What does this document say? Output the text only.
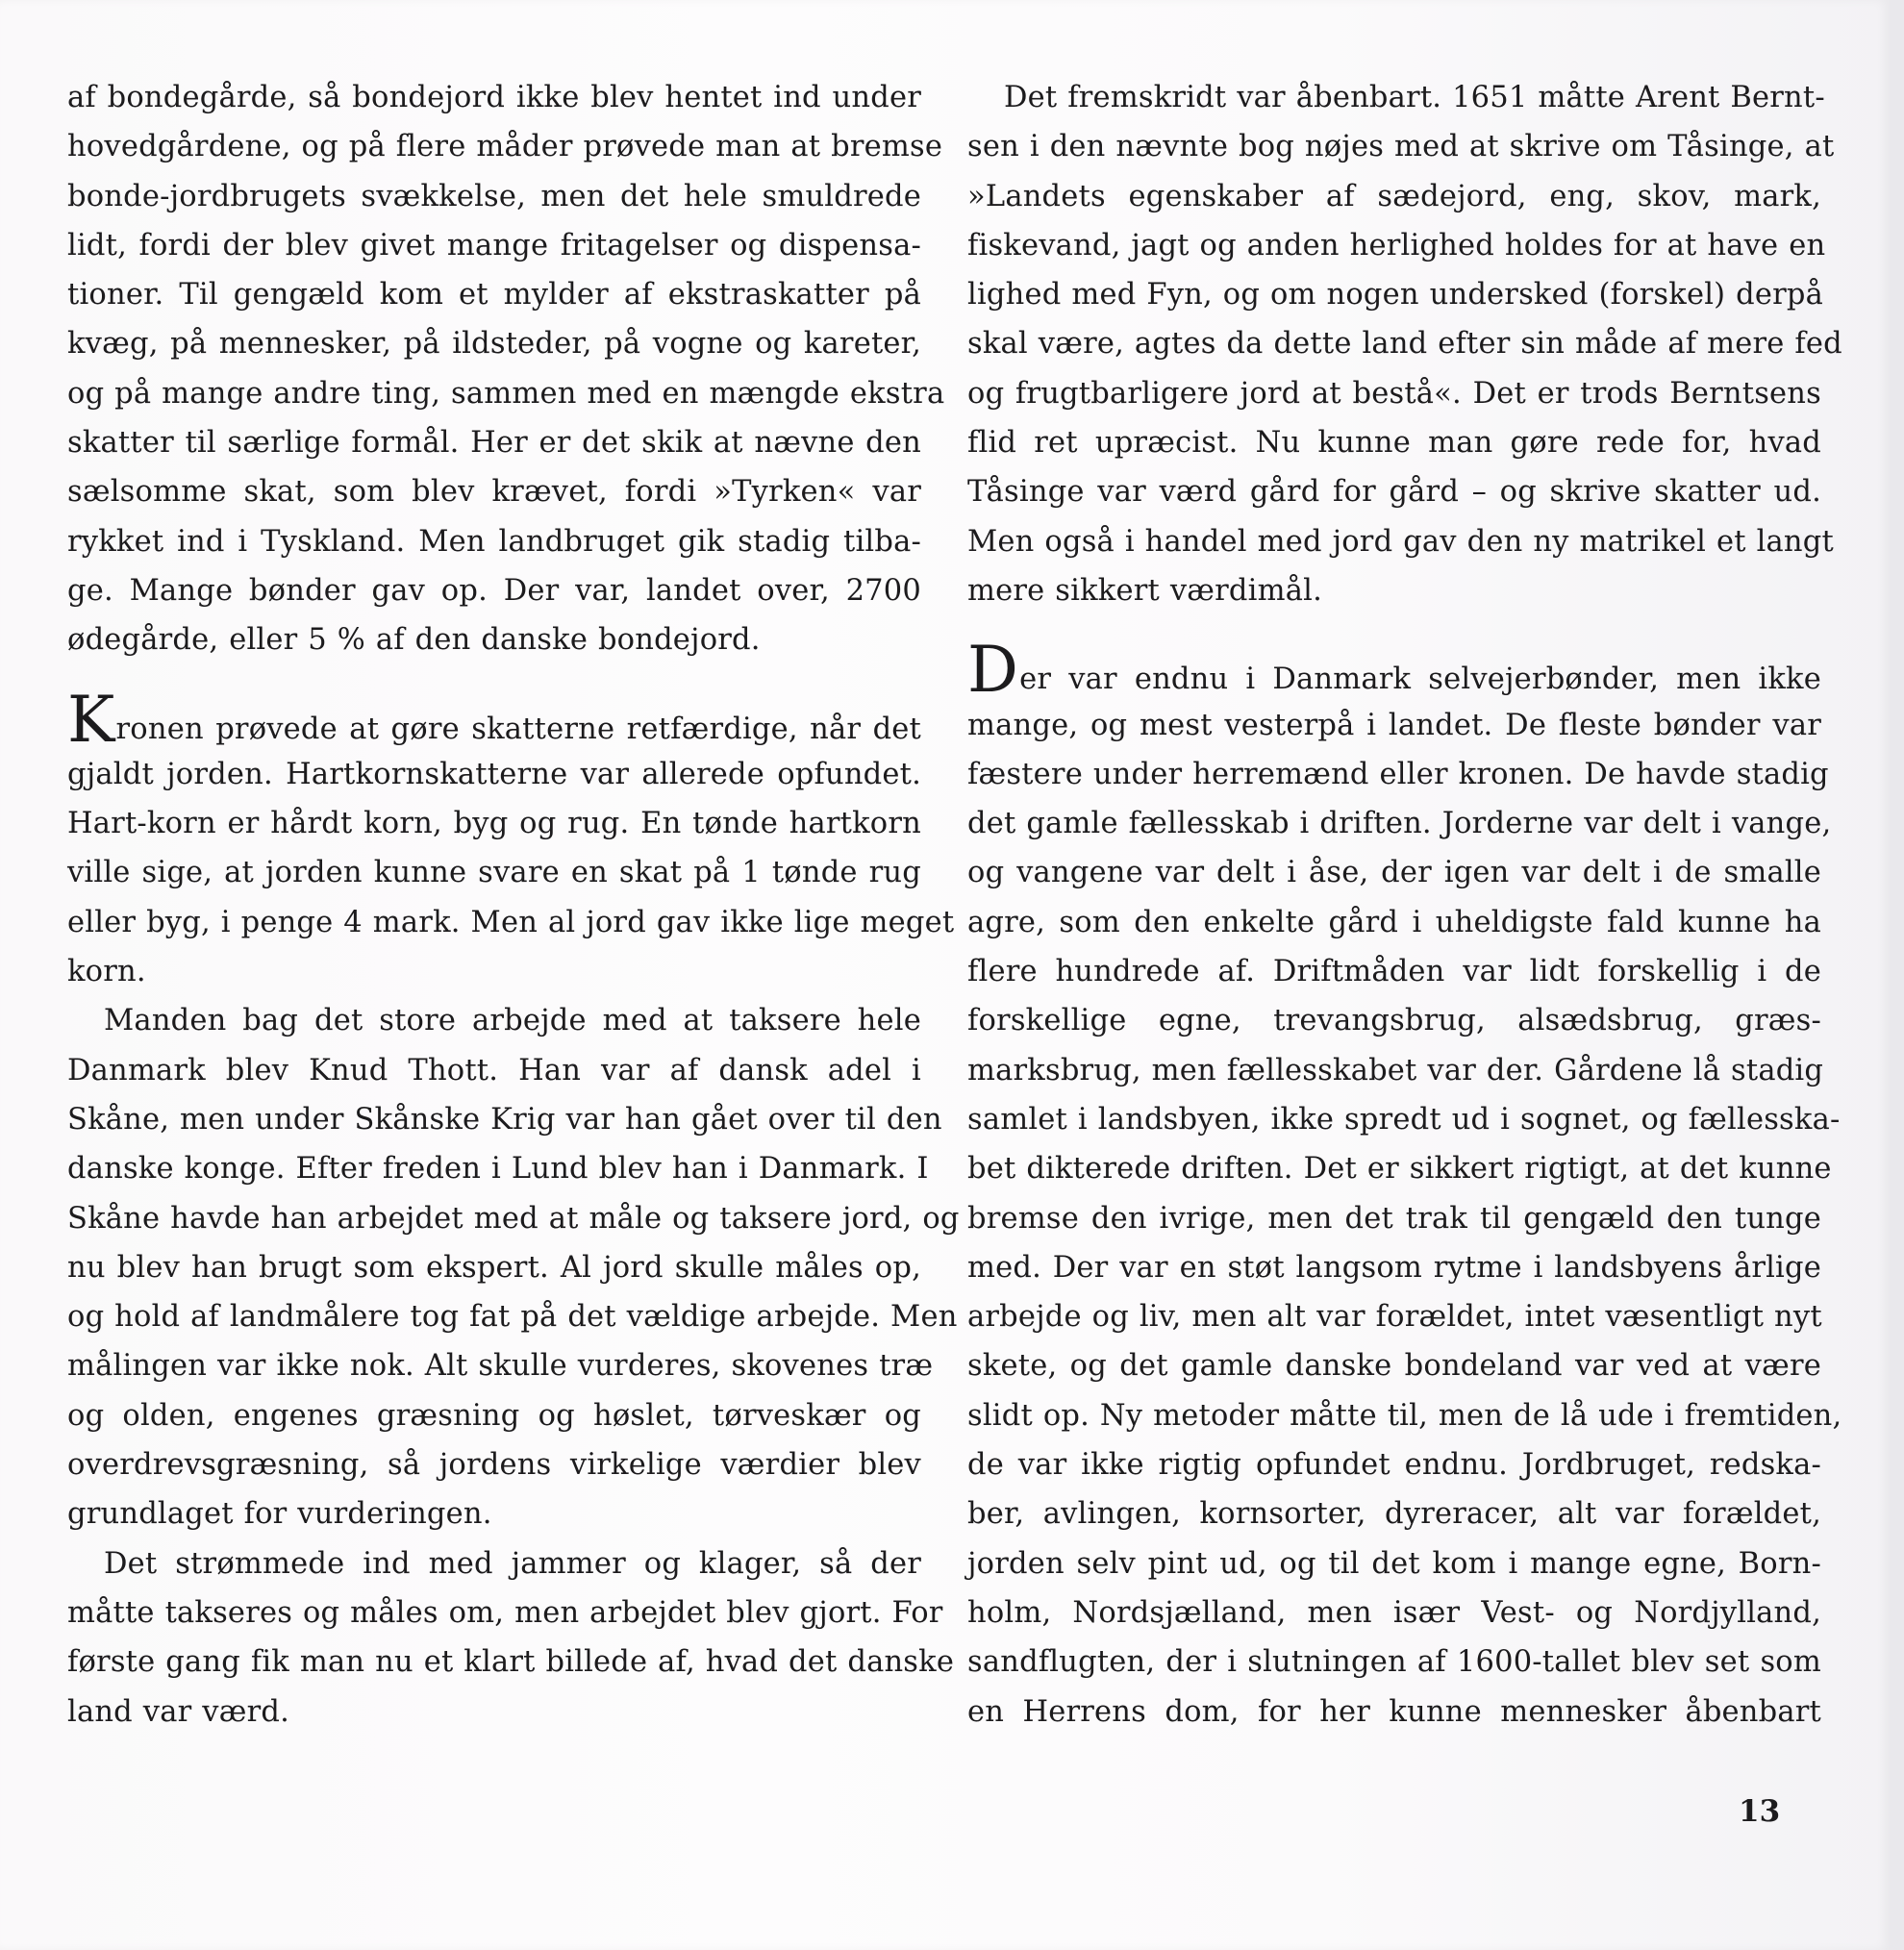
af bondegårde, så bondejord ikke blev hentet ind under
hovedgårdene, og på flere måder prøvede man at bremse
bonde-jordbrugets svækkelse, men det hele smuldrede
lidt, fordi der blev givet mange fritagelser og dispensa-
tioner. Til gengæld kom et mylder af ekstraskatter på
kvæg, på mennesker, på ildsteder, på vogne og kareter,
og på mange andre ting, sammen med en mængde ekstra
skatter til særlige formål. Her er det skik at nævne den
sælsomme skat, som blev krævet, fordi »Tyrken« var
rykket ind i Tyskland. Men landbruget gik stadig tilba-
ge. Mange bønder gav op. Der var, landet over, 2700
ødegårde, eller 5 % af den danske bondejord.
Kronen prøvede at gøre skatterne retfærdige, når det
gjaldt jorden. Hartkornskatterne var allerede opfundet.
Hart-korn er hårdt korn, byg og rug. En tønde hartkorn
ville sige, at jorden kunne svare en skat på 1 tønde rug
eller byg, i penge 4 mark. Men al jord gav ikke lige meget
korn.
Manden bag det store arbejde med at taksere hele
Danmark blev Knud Thott. Han var af dansk adel i
Skåne, men under Skånske Krig var han gået over til den
danske konge. Efter freden i Lund blev han i Danmark. I
Skåne havde han arbejdet med at måle og taksere jord, og
nu blev han brugt som ekspert. Al jord skulle måles op,
og hold af landmålere tog fat på det vældige arbejde. Men
målingen var ikke nok. Alt skulle vurderes, skovenes træ
og olden, engenes græsning og høslet, tørveskær og
overdrevsgræsning, så jordens virkelige værdier blev
grundlaget for vurderingen.
Det strømmede ind med jammer og klager, så der
måtte takseres og måles om, men arbejdet blev gjort. For
første gang fik man nu et klart billede af, hvad det danske
land var værd.
Det fremskridt var åbenbart. 1651 måtte Arent Bernt-
sen i den nævnte bog nøjes med at skrive om Tåsinge, at
»Landets egenskaber af sædejord, eng, skov, mark,
fiskevand, jagt og anden herlighed holdes for at have en
lighed med Fyn, og om nogen undersked (forskel) derpå
skal være, agtes da dette land efter sin måde af mere fed
og frugtbarligere jord at bestå«. Det er trods Berntsens
flid ret upræcist. Nu kunne man gøre rede for, hvad
Tåsinge var værd gård for gård – og skrive skatter ud.
Men også i handel med jord gav den ny matrikel et langt
mere sikkert værdimål.
Der var endnu i Danmark selvejerbønder, men ikke
mange, og mest vesterpå i landet. De fleste bønder var
fæstere under herremænd eller kronen. De havde stadig
det gamle fællesskab i driften. Jorderne var delt i vange,
og vangene var delt i åse, der igen var delt i de smalle
agre, som den enkelte gård i uheldigste fald kunne ha
flere hundrede af. Driftmåden var lidt forskellig i de
forskellige egne, trevangsbrug, alsædsbrug, græs-
marksbrug, men fællesskabet var der. Gårdene lå stadig
samlet i landsbyen, ikke spredt ud i sognet, og fællesska-
bet dikterede driften. Det er sikkert rigtigt, at det kunne
bremse den ivrige, men det trak til gengæld den tunge
med. Der var en støt langsom rytme i landsbyens årlige
arbejde og liv, men alt var forældet, intet væsentligt nyt
skete, og det gamle danske bondeland var ved at være
slidt op. Ny metoder måtte til, men de lå ude i fremtiden,
de var ikke rigtig opfundet endnu. Jordbruget, redska-
ber, avlingen, kornsorter, dyreracer, alt var forældet,
jorden selv pint ud, og til det kom i mange egne, Born-
holm, Nordsjælland, men især Vest- og Nordjylland,
sandflugten, der i slutningen af 1600-tallet blev set som
en Herrens dom, for her kunne mennesker åbenbart
13
